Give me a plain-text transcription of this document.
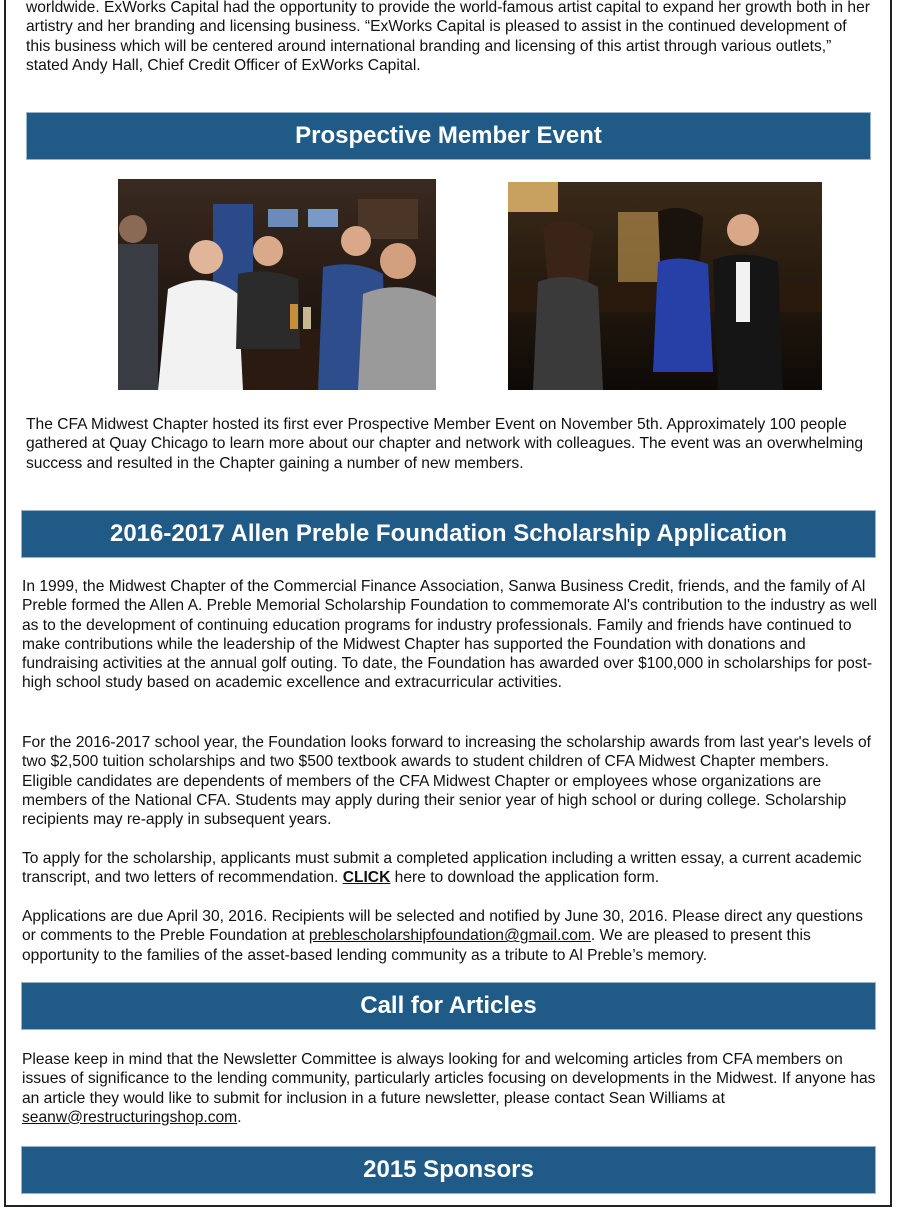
worldwide. ExWorks Capital had the opportunity to provide the world-famous artist capital to expand her growth both in her artistry and her branding and licensing business. “ExWorks Capital is pleased to assist in the continued development of this business which will be centered around international branding and licensing of this artist through various outlets,” stated Andy Hall, Chief Credit Officer of ExWorks Capital.

Prospective Member Event

The CFA Midwest Chapter hosted its first ever Prospective Member Event on November 5th. Approximately 100 people gathered at Quay Chicago to learn more about our chapter and network with colleagues. The event was an overwhelming success and resulted in the Chapter gaining a number of new members.

2016-2017 Allen Preble Foundation Scholarship Application

In 1999, the Midwest Chapter of the Commercial Finance Association, Sanwa Business Credit, friends, and the family of Al Preble formed the Allen A. Preble Memorial Scholarship Foundation to commemorate Al's contribution to the industry as well as to the development of continuing education programs for industry professionals. Family and friends have continued to make contributions while the leadership of the Midwest Chapter has supported the Foundation with donations and fundraising activities at the annual golf outing. To date, the Foundation has awarded over $100,000 in scholarships for post-high school study based on academic excellence and extracurricular activities.

For the 2016-2017 school year, the Foundation looks forward to increasing the scholarship awards from last year's levels of two $2,500 tuition scholarships and two $500 textbook awards to student children of CFA Midwest Chapter members. Eligible candidates are dependents of members of the CFA Midwest Chapter or employees whose organizations are members of the National CFA. Students may apply during their senior year of high school or during college. Scholarship recipients may re-apply in subsequent years.

To apply for the scholarship, applicants must submit a completed application including a written essay, a current academic transcript, and two letters of recommendation. CLICK here to download the application form.

Applications are due April 30, 2016. Recipients will be selected and notified by June 30, 2016. Please direct any questions or comments to the Preble Foundation at preblescholarshipfoundation@gmail.com. We are pleased to present this opportunity to the families of the asset-based lending community as a tribute to Al Preble’s memory.

Call for Articles

Please keep in mind that the Newsletter Committee is always looking for and welcoming articles from CFA members on issues of significance to the lending community, particularly articles focusing on developments in the Midwest. If anyone has an article they would like to submit for inclusion in a future newsletter, please contact Sean Williams at seanw@restructuringshop.com.

2015 Sponsors
